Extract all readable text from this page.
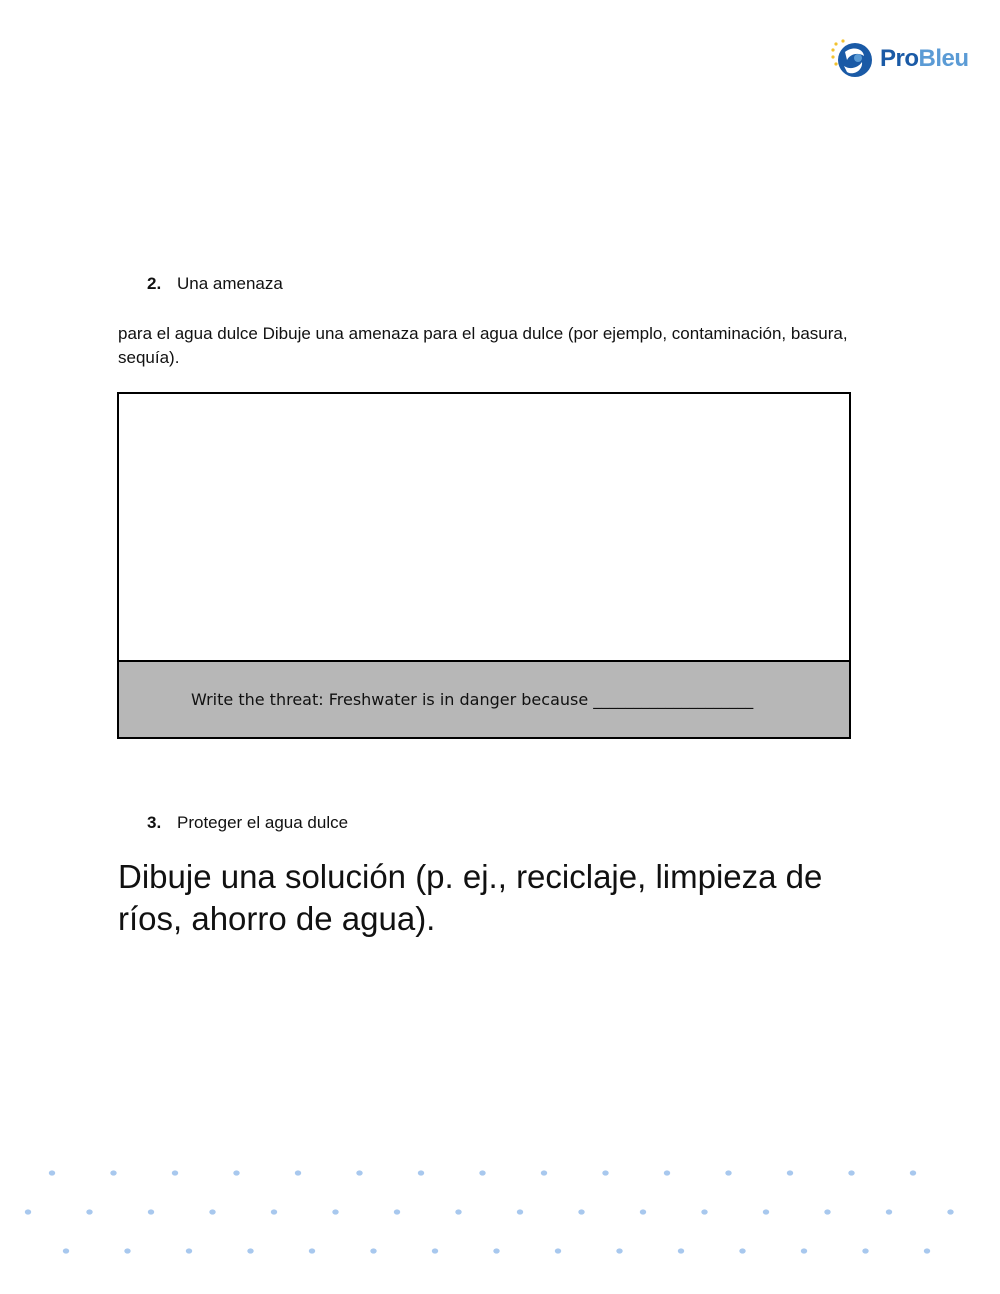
ProBleu
2. Una amenaza
para el agua dulce Dibuje una amenaza para el agua dulce (por ejemplo, contaminación, basura, sequía).
Write the threat: Freshwater is in danger because ____________________
3. Proteger el agua dulce
Dibuje una solución (p. ej., reciclaje, limpieza de ríos, ahorro de agua).
